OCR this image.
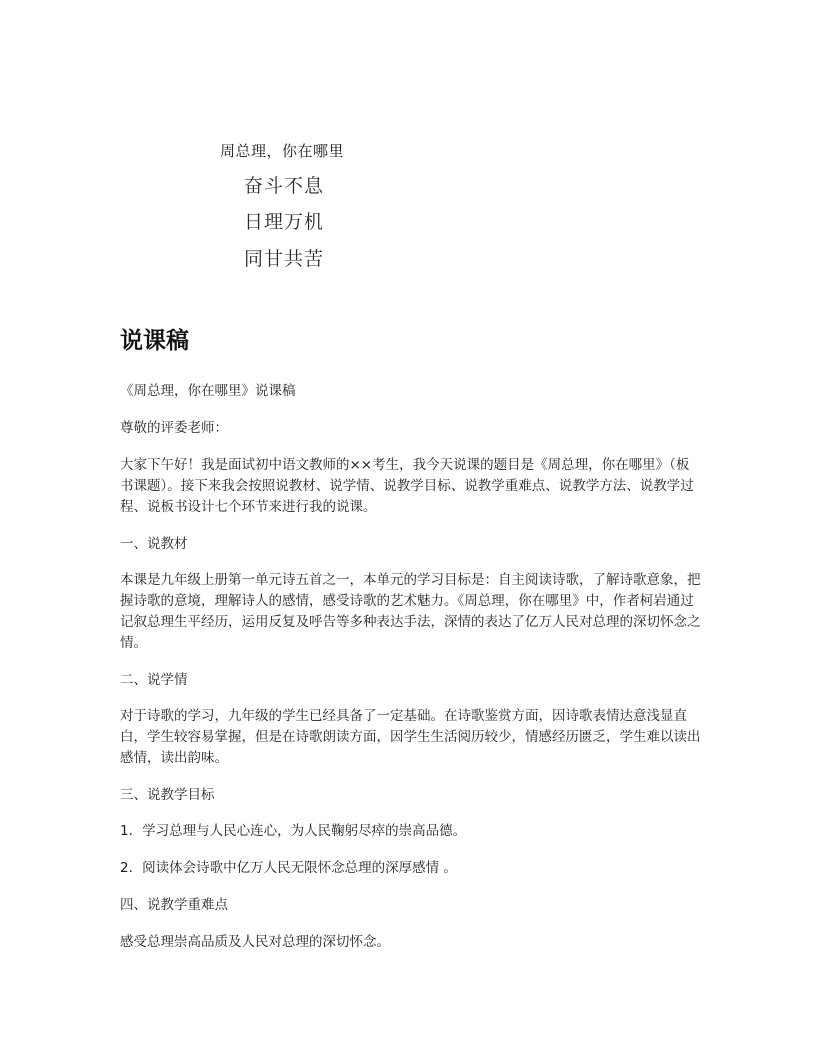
周总理，你在哪里
奋斗不息
日理万机
同甘共苦
说课稿

《周总理，你在哪里》说课稿

尊敬的评委老师：

大家下午好！我是面试初中语文教师的××考生，我今天说课的题目是《周总理，你在哪里》（板书课题）。接下来我会按照说教材、说学情、说教学目标、说教学重难点、说教学方法、说教学过程、说板书设计七个环节来进行我的说课。

一、说教材

本课是九年级上册第一单元诗五首之一，本单元的学习目标是：自主阅读诗歌，了解诗歌意象，把握诗歌的意境，理解诗人的感情，感受诗歌的艺术魅力。《周总理，你在哪里》中，作者柯岩通过记叙总理生平经历，运用反复及呼告等多种表达手法，深情的表达了亿万人民对总理的深切怀念之情。

二、说学情

对于诗歌的学习，九年级的学生已经具备了一定基础。在诗歌鉴赏方面，因诗歌表情达意浅显直白，学生较容易掌握，但是在诗歌朗读方面，因学生生活阅历较少，情感经历匮乏，学生难以读出感情，读出韵味。

三、说教学目标

1．学习总理与人民心连心，为人民鞠躬尽瘁的崇高品德。

2．阅读体会诗歌中亿万人民无限怀念总理的深厚感情 。

四、说教学重难点

感受总理崇高品质及人民对总理的深切怀念。
